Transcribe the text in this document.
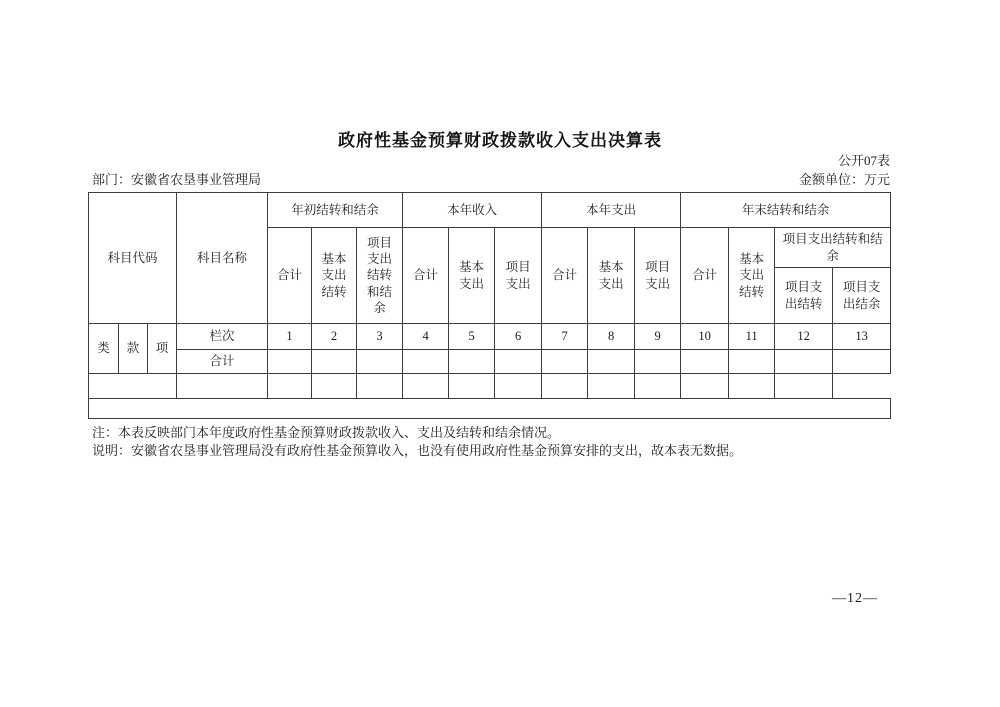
政府性基金预算财政拨款收入支出决算表
公开07表
部门：安徽省农垦事业管理局	金额单位：万元
科目代码			科目名称	年初结转和结余			本年收入			本年支出			年末结转和结余			
				合计	基本支出结转	项目支出结转和结余	合计	基本支出	项目支出	合计	基本支出	项目支出	合计	基本支出结转	项目支出结转和结余	
															项目支出结转	项目支出结余
类	款	项	栏次	1	2	3	4	5	6	7	8	9	10	11	12	13
			合计													

注：本表反映部门本年度政府性基金预算财政拨款收入、支出及结转和结余情况。
说明：安徽省农垦事业管理局没有政府性基金预算收入，也没有使用政府性基金预算安排的支出，故本表无数据。
—12—
